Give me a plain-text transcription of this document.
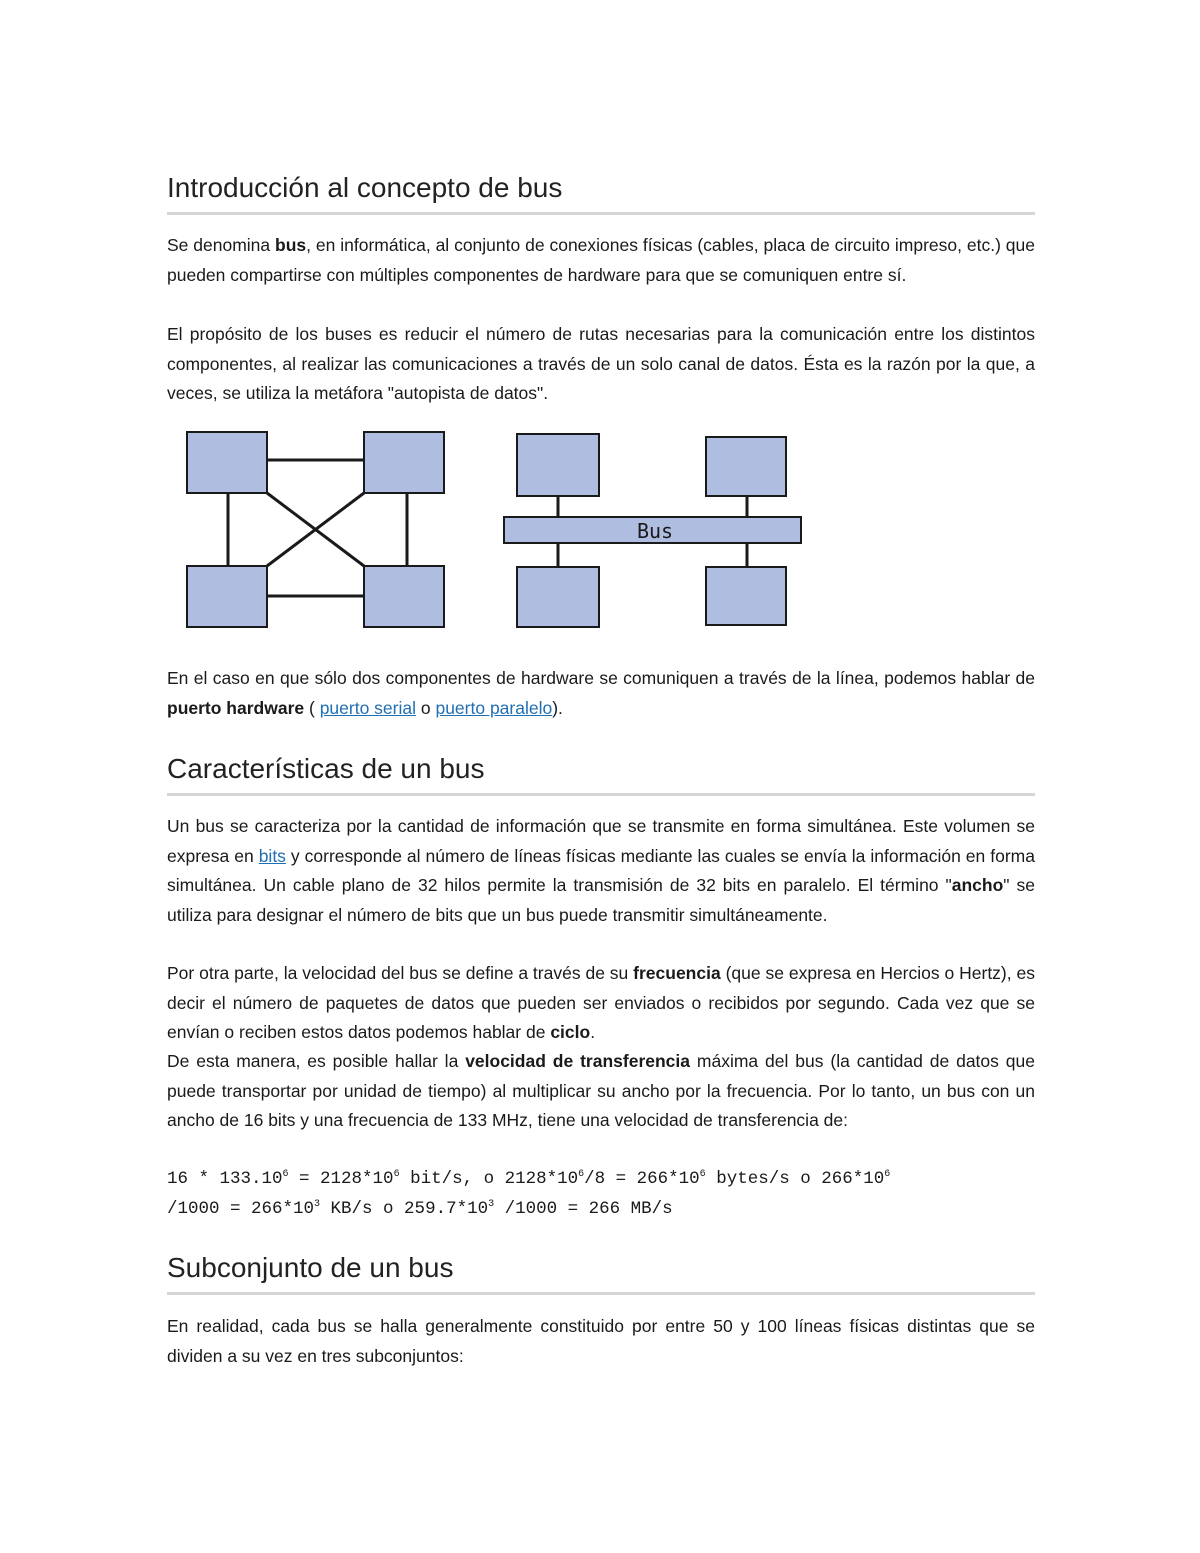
Introducción al concepto de bus

Se denomina bus, en informática, al conjunto de conexiones físicas (cables, placa de circuito impreso, etc.) que pueden compartirse con múltiples componentes de hardware para que se comuniquen entre sí.

El propósito de los buses es reducir el número de rutas necesarias para la comunicación entre los distintos componentes, al realizar las comunicaciones a través de un solo canal de datos. Ésta es la razón por la que, a veces, se utiliza la metáfora "autopista de datos".

Bus

En el caso en que sólo dos componentes de hardware se comuniquen a través de la línea, podemos hablar de puerto hardware ( puerto serial o puerto paralelo).

Características de un bus

Un bus se caracteriza por la cantidad de información que se transmite en forma simultánea. Este volumen se expresa en bits y corresponde al número de líneas físicas mediante las cuales se envía la información en forma simultánea. Un cable plano de 32 hilos permite la transmisión de 32 bits en paralelo. El término "ancho" se utiliza para designar el número de bits que un bus puede transmitir simultáneamente.

Por otra parte, la velocidad del bus se define a través de su frecuencia (que se expresa en Hercios o Hertz), es decir el número de paquetes de datos que pueden ser enviados o recibidos por segundo. Cada vez que se envían o reciben estos datos podemos hablar de ciclo.

De esta manera, es posible hallar la velocidad de transferencia máxima del bus (la cantidad de datos que puede transportar por unidad de tiempo) al multiplicar su ancho por la frecuencia. Por lo tanto, un bus con un ancho de 16 bits y una frecuencia de 133 MHz, tiene una velocidad de transferencia de:

$16 * 133.10^6 = 2128*10^6$ bit/s, o $2128*10^6/8 = 266*10^6$ bytes/s o $266*10^6$
$/1000 = 266*10^3$ KB/s o $259.7*10^3$ /1000 = 266 MB/s

Subconjunto de un bus

En realidad, cada bus se halla generalmente constituido por entre 50 y 100 líneas físicas distintas que se dividen a su vez en tres subconjuntos:
